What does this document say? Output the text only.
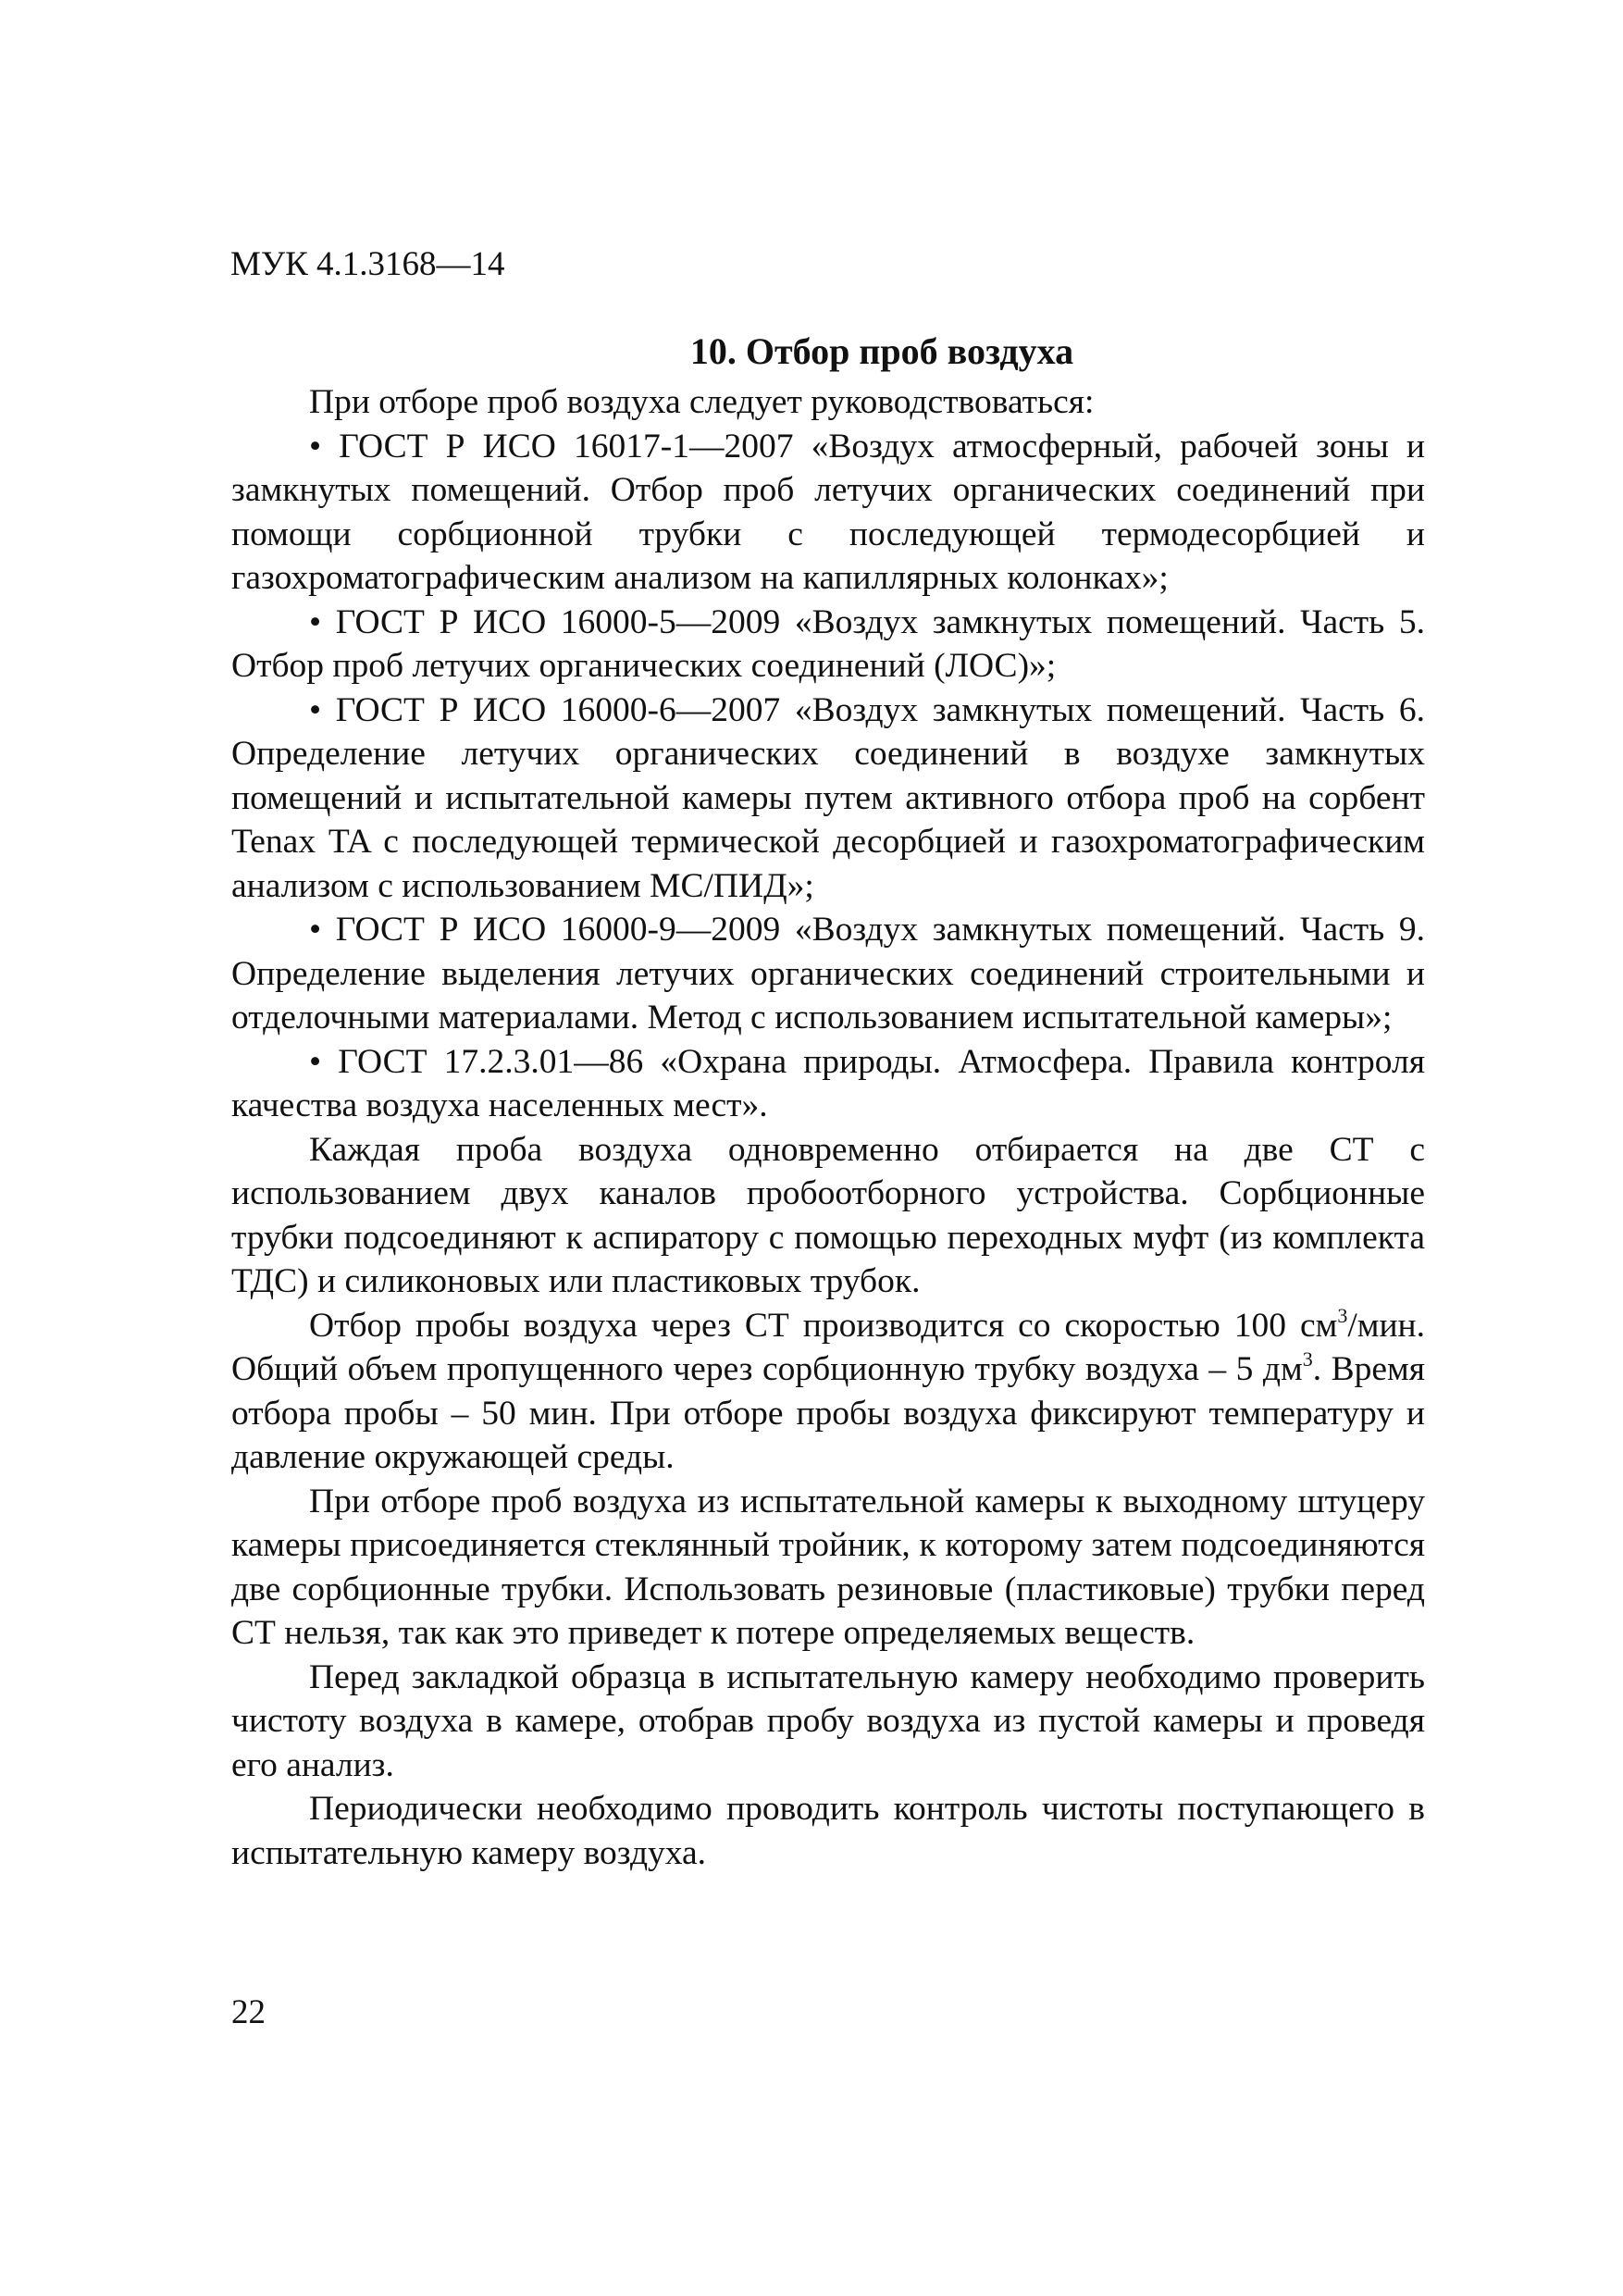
МУК 4.1.3168—14
10. Отбор проб воздуха

При отборе проб воздуха следует руководствоваться:

• ГОСТ Р ИСО 16017-1—2007 «Воздух атмосферный, рабочей зоны и замкнутых помещений. Отбор проб летучих органических соединений при помощи сорбционной трубки с последующей термодесорбцией и газохроматографическим анализом на капиллярных колонках»;

• ГОСТ Р ИСО 16000-5—2009 «Воздух замкнутых помещений. Часть 5. Отбор проб летучих органических соединений (ЛОС)»;

• ГОСТ Р ИСО 16000-6—2007 «Воздух замкнутых помещений. Часть 6. Определение летучих органических соединений в воздухе замкнутых помещений и испытательной камеры путем активного отбора проб на сорбент Tenax TA с последующей термической десорбцией и газохроматографическим анализом с использованием МС/ПИД»;

• ГОСТ Р ИСО 16000-9—2009 «Воздух замкнутых помещений. Часть 9. Определение выделения летучих органических соединений строительными и отделочными материалами. Метод с использованием испытательной камеры»;

• ГОСТ 17.2.3.01—86 «Охрана природы. Атмосфера. Правила контроля качества воздуха населенных мест».

Каждая проба воздуха одновременно отбирается на две СТ с использованием двух каналов пробоотборного устройства. Сорбционные трубки подсоединяют к аспиратору с помощью переходных муфт (из комплекта ТДС) и силиконовых или пластиковых трубок.

Отбор пробы воздуха через СТ производится со скоростью 100 $см^3$/мин. Общий объем пропущенного через сорбционную трубку воздуха – 5 $дм^3$. Время отбора пробы – 50 мин. При отборе пробы воздуха фиксируют температуру и давление окружающей среды.

При отборе проб воздуха из испытательной камеры к выходному штуцеру камеры присоединяется стеклянный тройник, к которому затем подсоединяются две сорбционные трубки. Использовать резиновые (пластиковые) трубки перед СТ нельзя, так как это приведет к потере определяемых веществ.

Перед закладкой образца в испытательную камеру необходимо проверить чистоту воздуха в камере, отобрав пробу воздуха из пустой камеры и проведя его анализ.

Периодически необходимо проводить контроль чистоты поступающего в испытательную камеру воздуха.

22
